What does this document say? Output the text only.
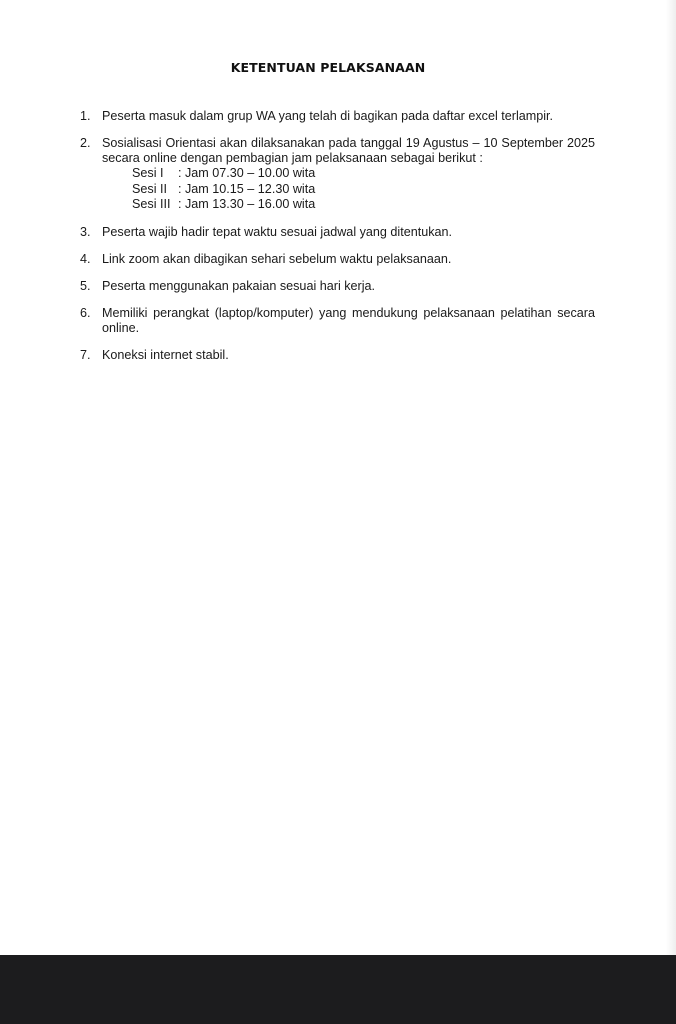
KETENTUAN PELAKSANAAN
1. Peserta masuk dalam grup WA yang telah di bagikan pada daftar excel terlampir.
2. Sosialisasi Orientasi akan dilaksanakan pada tanggal 19 Agustus – 10 September 2025 secara online dengan pembagian jam pelaksanaan sebagai berikut :
Sesi I	: Jam 07.30 – 10.00 wita
Sesi II : Jam 10.15 – 12.30 wita
Sesi III : Jam 13.30 – 16.00 wita
3. Peserta wajib hadir tepat waktu sesuai jadwal yang ditentukan.
4. Link zoom akan dibagikan sehari sebelum waktu pelaksanaan.
5. Peserta menggunakan pakaian sesuai hari kerja.
6. Memiliki perangkat (laptop/komputer) yang mendukung pelaksanaan pelatihan secara online.
7. Koneksi internet stabil.
